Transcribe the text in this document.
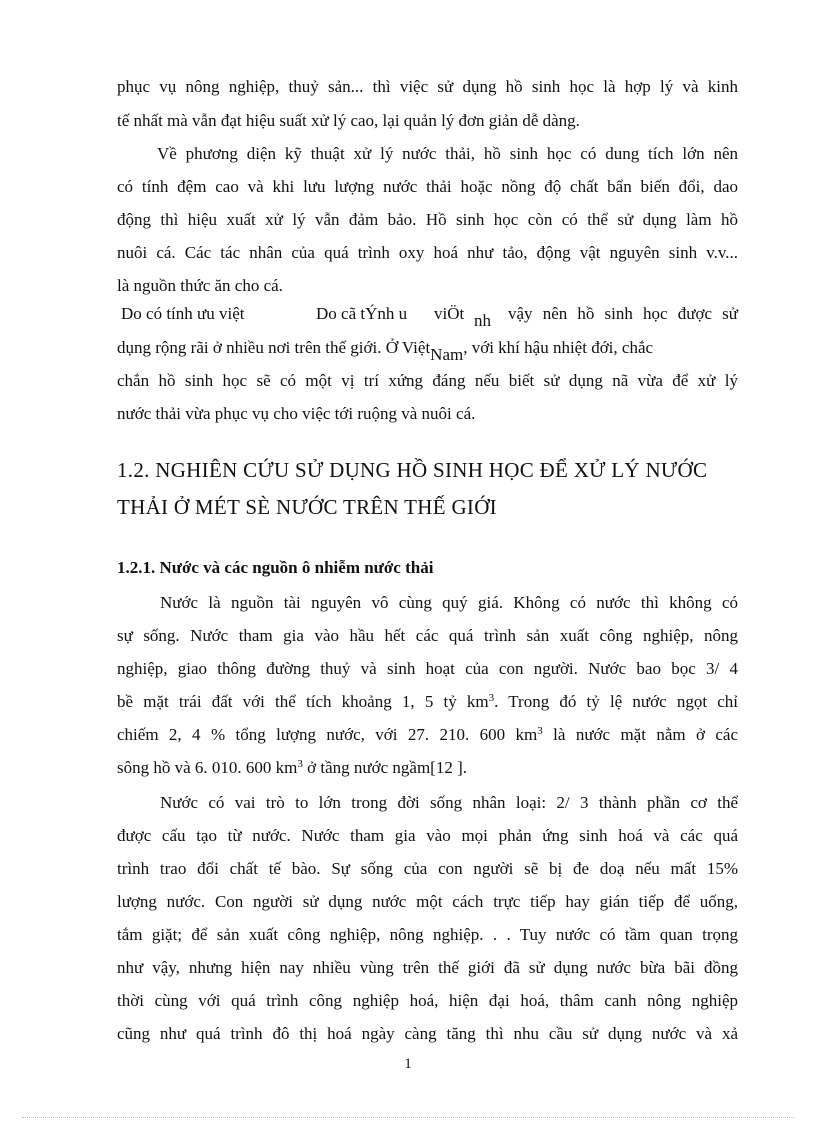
phục vụ nông nghiệp, thuỷ sản... thì việc sử dụng hồ sinh học là hợp lý và kinh
tế nhất mà vẫn đạt hiệu suất xử lý cao, lại quản lý đơn giản dễ dàng.
Về phương diện kỹ thuật xử lý nước thải, hồ sinh học có dung tích lớn nên
có tính đệm cao và khi lưu lượng nước thải hoặc nồng độ chất bẩn biến đổi, dao
động thì hiệu xuất xử lý vẫn đảm bảo. Hồ sinh học còn có thể sử dụng làm hồ
nuôi cá. Các tác nhân của quá trình oxy hoá như tảo, động vật nguyên sinh v.v...
là nguồn thức ăn cho cá.
Do có tính ưu việt	Do cã tÝnh u viÖt nh vậy nên hồ sinh học được sử
dụng rộng rãi ở nhiều nơi trên thế giới. Ở ViệtNam, với khí hậu nhiệt đới, chắc
chắn hồ sinh học sẽ có một vị trí xứng đáng nếu biết sử dụng nã vừa để xử lý
nước thải vừa phục vụ cho việc tới ruộng và nuôi cá.
1.2. NGHIÊN CỨU SỬ DỤNG HỒ SINH HỌC ĐỂ XỬ LÝ NƯỚC
THẢI Ở MÉT SÈ NƯỚC TRÊN THẾ GIỚI
1.2.1. Nước và các nguồn ô nhiễm nước thải
Nước là nguồn tài nguyên vô cùng quý giá. Không có nước thì không có
sự sống. Nước tham gia vào hầu hết các quá trình sản xuất công nghiệp, nông
nghiệp, giao thông đường thuỷ và sinh hoạt của con người. Nước bao bọc 3/ 4
bề mặt trái đất với thể tích khoảng 1, 5 tỷ $km^3$. Trong đó tỷ lệ nước ngọt chỉ
chiếm 2, 4 % tổng lượng nước, với 27. 210. 600 $km^3$ là nước mặt nằm ở các
sông hồ và 6. 010. 600 $km^3$ ở tầng nước ngầm[12 ].
Nước có vai trò to lớn trong đời sống nhân loại: 2/ 3 thành phần cơ thể
được cấu tạo từ nước. Nước tham gia vào mọi phản ứng sinh hoá và các quá
trình trao đổi chất tế bào. Sự sống của con người sẽ bị đe doạ nếu mất 15%
lượng nước. Con người sử dụng nước một cách trực tiếp hay gián tiếp để uống,
tắm giặt; để sản xuất công nghiệp, nông nghiệp. . . Tuy nước có tầm quan trọng
như vậy, nhưng hiện nay nhiều vùng trên thế giới đã sử dụng nước bừa bãi đồng
thời cùng với quá trình công nghiệp hoá, hiện đại hoá, thâm canh nông nghiệp
cũng như quá trình đô thị hoá ngày càng tăng thì nhu cầu sử dụng nước và xả
1
